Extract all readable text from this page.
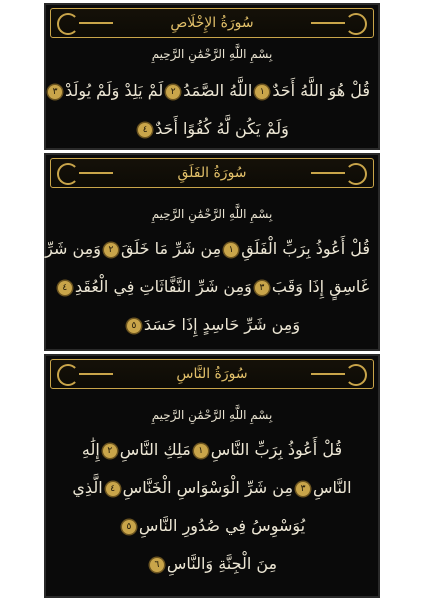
سُورَةُ الإِخْلَاصِ
بِسْمِ اللَّهِ الرَّحْمَٰنِ الرَّحِيمِ
قُلْ هُوَ اللَّهُ أَحَدٌ١اللَّهُ الصَّمَدُ٢لَمْ يَلِدْ وَلَمْ يُولَدْ٣
وَلَمْ يَكُن لَّهُ كُفُوًا أَحَدٌ٤
سُورَةُ الفَلَقِ
بِسْمِ اللَّهِ الرَّحْمَٰنِ الرَّحِيمِ
قُلْ أَعُوذُ بِرَبِّ الْفَلَقِ١مِن شَرِّ مَا خَلَقَ٢وَمِن شَرِّ
غَاسِقٍ إِذَا وَقَبَ٣وَمِن شَرِّ النَّفَّاثَاتِ فِي الْعُقَدِ٤
وَمِن شَرِّ حَاسِدٍ إِذَا حَسَدَ٥
سُورَةُ النَّاسِ
بِسْمِ اللَّهِ الرَّحْمَٰنِ الرَّحِيمِ
قُلْ أَعُوذُ بِرَبِّ النَّاسِ١مَلِكِ النَّاسِ٢إِلَٰهِ
النَّاسِ٣مِن شَرِّ الْوَسْوَاسِ الْخَنَّاسِ٤الَّذِي
يُوَسْوِسُ فِي صُدُورِ النَّاسِ٥
مِنَ الْجِنَّةِ وَالنَّاسِ٦
